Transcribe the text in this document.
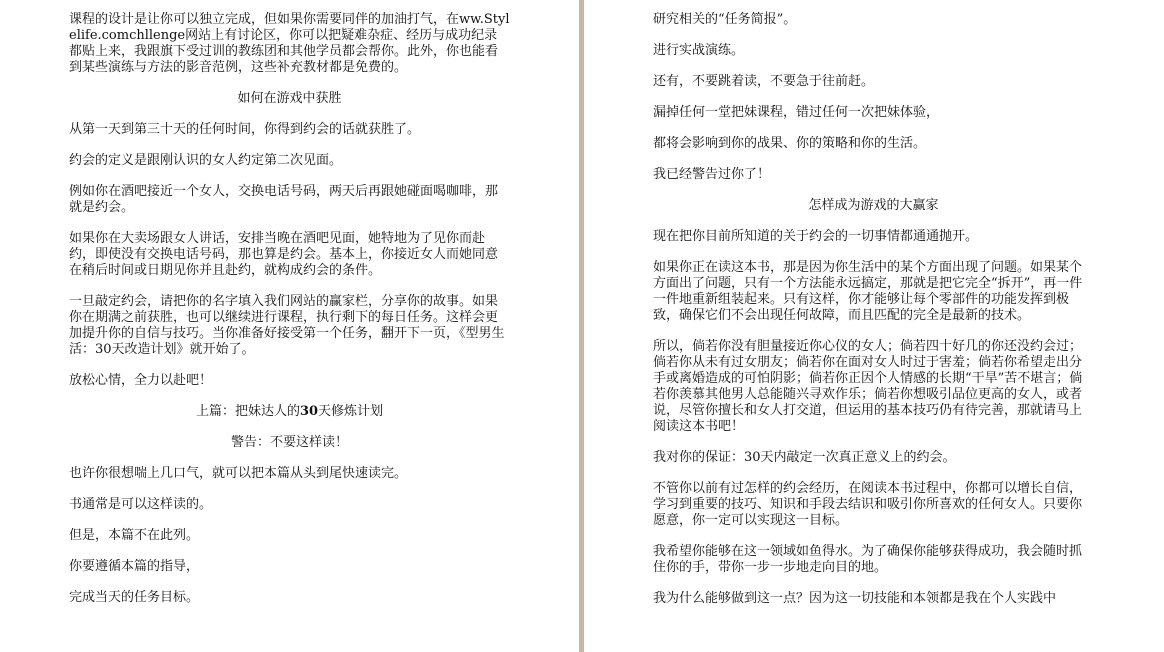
课程的设计是让你可以独立完成，但如果你需要同伴的加油打气，在ww.Stylelife.comchllenge网站上有讨论区，你可以把疑难杂症、经历与成功纪录都贴上来，我跟旗下受过训的教练团和其他学员都会帮你。此外，你也能看到某些演练与方法的影音范例，这些补充教材都是免费的。

如何在游戏中获胜

从第一天到第三十天的任何时间，你得到约会的话就获胜了。

约会的定义是跟刚认识的女人约定第二次见面。

例如你在酒吧接近一个女人，交换电话号码，两天后再跟她碰面喝咖啡，那就是约会。

如果你在大卖场跟女人讲话，安排当晚在酒吧见面，她特地为了见你而赴约，即使没有交换电话号码，那也算是约会。基本上，你接近女人而她同意在稍后时间或日期见你并且赴约，就构成约会的条件。

一旦敲定约会，请把你的名字填入我们网站的赢家栏，分享你的故事。如果你在期满之前获胜，也可以继续进行课程，执行剩下的每日任务。这样会更加提升你的自信与技巧。当你准备好接受第一个任务，翻开下一页，《型男生活：30天改造计划》就开始了。

放松心情，全力以赴吧！

上篇：把妹达人的30天修炼计划

警告：不要这样读！

也许你很想喘上几口气，就可以把本篇从头到尾快速读完。

书通常是可以这样读的。

但是，本篇不在此列。

你要遵循本篇的指导，

完成当天的任务目标。

研究相关的“任务简报”。

进行实战演练。

还有，不要跳着读，不要急于往前赶。

漏掉任何一堂把妹课程，错过任何一次把妹体验，

都将会影响到你的战果、你的策略和你的生活。

我已经警告过你了！

怎样成为游戏的大赢家

现在把你目前所知道的关于约会的一切事情都通通抛开。

如果你正在读这本书，那是因为你生活中的某个方面出现了问题。如果某个方面出了问题，只有一个方法能永远搞定，那就是把它完全“拆开”，再一件一件地重新组装起来。只有这样，你才能够让每个零部件的功能发挥到极致，确保它们不会出现任何故障，而且匹配的完全是最新的技术。

所以，倘若你没有胆量接近你心仪的女人；倘若四十好几的你还没约会过；倘若你从未有过女朋友；倘若你在面对女人时过于害羞；倘若你希望走出分手或离婚造成的可怕阴影；倘若你正因个人情感的长期“干旱”苦不堪言；倘若你羡慕其他男人总能随兴寻欢作乐；倘若你想吸引品位更高的女人，或者说，尽管你擅长和女人打交道，但运用的基本技巧仍有待完善，那就请马上阅读这本书吧！

我对你的保证：30天内敲定一次真正意义上的约会。

不管你以前有过怎样的约会经历，在阅读本书过程中，你都可以增长自信，学习到重要的技巧、知识和手段去结识和吸引你所喜欢的任何女人。只要你愿意，你一定可以实现这一目标。

我希望你能够在这一领域如鱼得水。为了确保你能够获得成功，我会随时抓住你的手，带你一步一步地走向目的地。

我为什么能够做到这一点？因为这一切技能和本领都是我在个人实践中
